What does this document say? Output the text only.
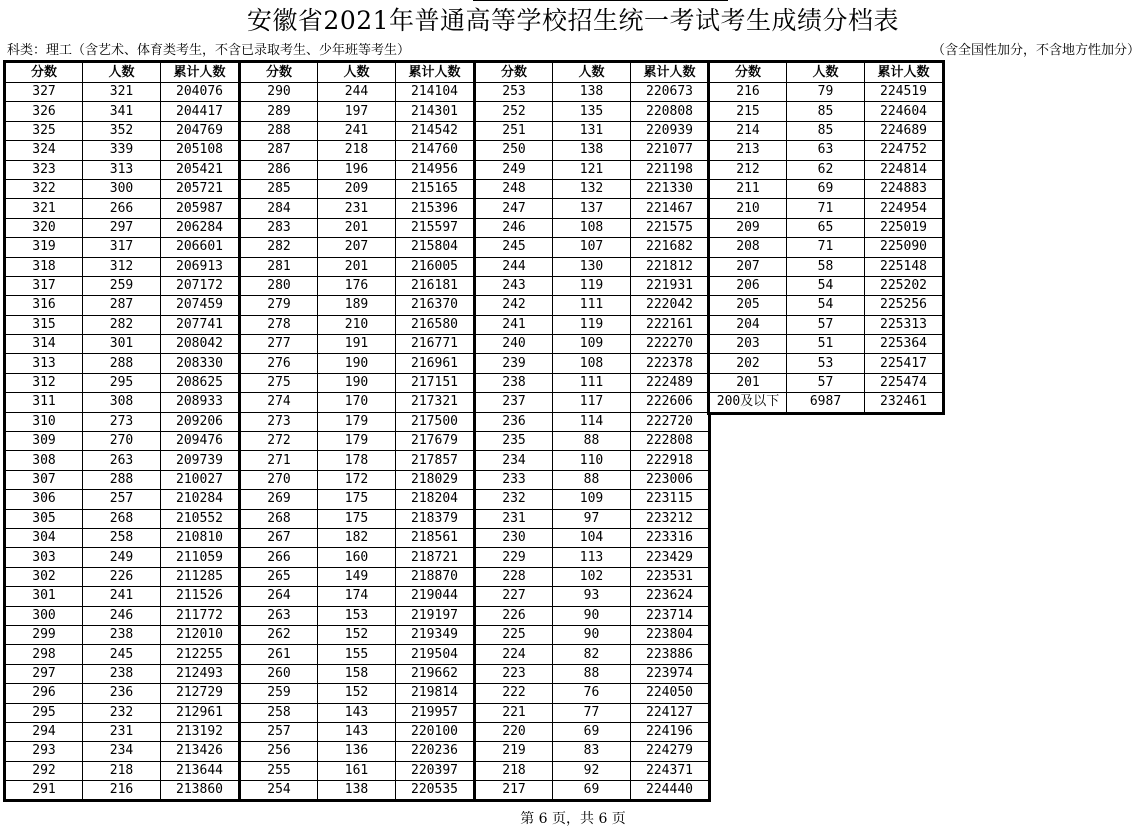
安徽省2021年普通高等学校招生统一考试考生成绩分档表
科类：理工（含艺术、体育类考生，不含已录取考生、少年班等考生）	（含全国性加分，不含地方性加分）
分数	人数	累计人数
327	321	204076
326	341	204417
325	352	204769
324	339	205108
323	313	205421
322	300	205721
321	266	205987
320	297	206284
319	317	206601
318	312	206913
317	259	207172
316	287	207459
315	282	207741
314	301	208042
313	288	208330
312	295	208625
311	308	208933
310	273	209206
309	270	209476
308	263	209739
307	288	210027
306	257	210284
305	268	210552
304	258	210810
303	249	211059
302	226	211285
301	241	211526
300	246	211772
299	238	212010
298	245	212255
297	238	212493
296	236	212729
295	232	212961
294	231	213192
293	234	213426
292	218	213644
291	216	213860
分数	人数	累计人数
290	244	214104
289	197	214301
288	241	214542
287	218	214760
286	196	214956
285	209	215165
284	231	215396
283	201	215597
282	207	215804
281	201	216005
280	176	216181
279	189	216370
278	210	216580
277	191	216771
276	190	216961
275	190	217151
274	170	217321
273	179	217500
272	179	217679
271	178	217857
270	172	218029
269	175	218204
268	175	218379
267	182	218561
266	160	218721
265	149	218870
264	174	219044
263	153	219197
262	152	219349
261	155	219504
260	158	219662
259	152	219814
258	143	219957
257	143	220100
256	136	220236
255	161	220397
254	138	220535
分数	人数	累计人数
253	138	220673
252	135	220808
251	131	220939
250	138	221077
249	121	221198
248	132	221330
247	137	221467
246	108	221575
245	107	221682
244	130	221812
243	119	221931
242	111	222042
241	119	222161
240	109	222270
239	108	222378
238	111	222489
237	117	222606
236	114	222720
235	88	222808
234	110	222918
233	88	223006
232	109	223115
231	97	223212
230	104	223316
229	113	223429
228	102	223531
227	93	223624
226	90	223714
225	90	223804
224	82	223886
223	88	223974
222	76	224050
221	77	224127
220	69	224196
219	83	224279
218	92	224371
217	69	224440
分数	人数	累计人数
216	79	224519
215	85	224604
214	85	224689
213	63	224752
212	62	224814
211	69	224883
210	71	224954
209	65	225019
208	71	225090
207	58	225148
206	54	225202
205	54	225256
204	57	225313
203	51	225364
202	53	225417
201	57	225474
200及以下	6987	232461
第 6 页，共 6 页
